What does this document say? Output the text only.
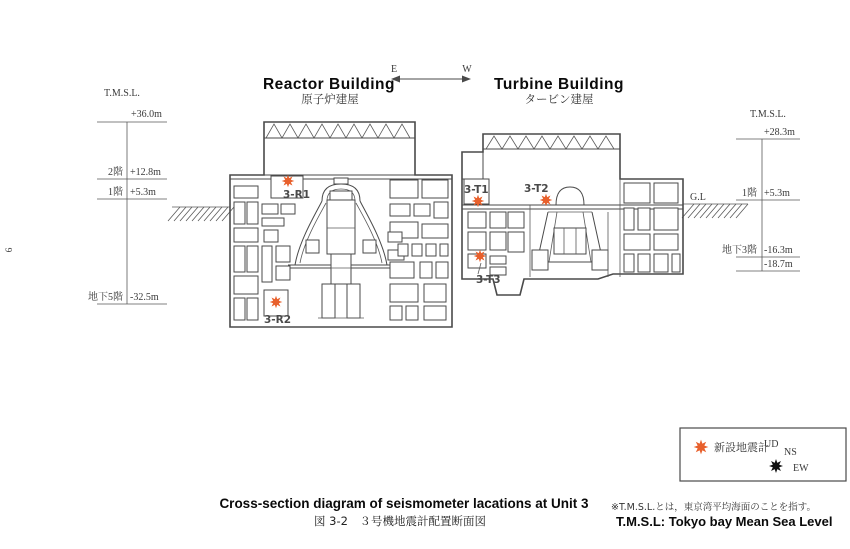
6
T.M.S.L.
+36.0m
2階 +12.8m
1階 +5.3m
地下5階 -32.5m
T.M.S.L.
+28.3m
1階 +5.3m
地下3階 -16.3m
-18.7m
G.L
E	W
Reactor Building
原子炉建屋
3-R1
3-R2
Turbine Building
タービン建屋
3-T1	3-T2
3-T3
新設地震計
UD
NS
EW
Cross-section diagram of seismometer lacations at Unit 3
図 3-2　３号機地震計配置断面図
※T.M.S.L.とは，東京湾平均海面のことを指す。
T.M.S.L: Tokyo bay Mean Sea Level
